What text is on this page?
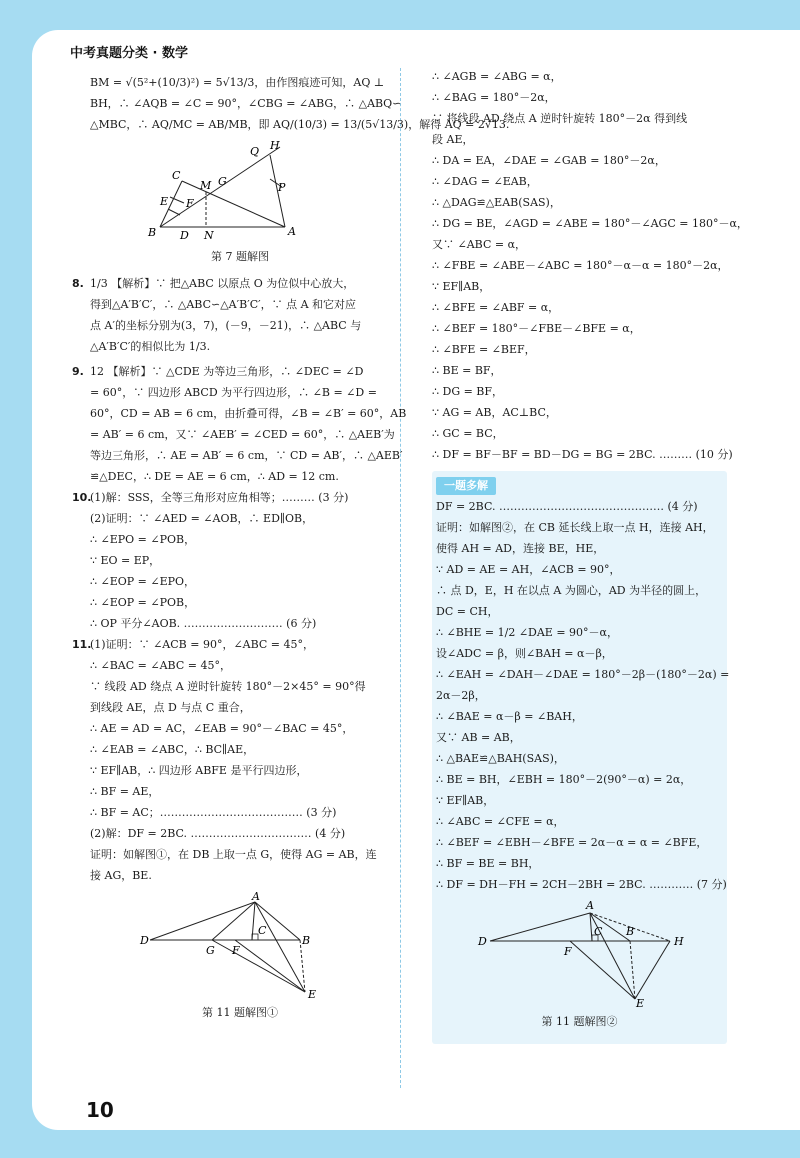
中考真题分类 · 数学
BM = √(5²+(10/3)²) = 5√13/3，由作图痕迹可知，AQ ⊥
BH，∴ ∠AQB = ∠C = 90°，∠CBG = ∠ABG，∴ △ABQ∽
△MBC，∴ AQ/MC = AB/MB，即 AQ/(10/3) = 13/(5√13/3)，解得 AQ = 2√13.
B
C
E F
D N
M G
Q H
P
A
第 7 题解图
8. 1/3 【解析】∵ 把△ABC 以原点 O 为位似中心放大，
得到△A′B′C′，∴ △ABC∽△A′B′C′，∵ 点 A 和它对应
点 A′的坐标分别为(3，7)，(－9，－21)，∴ △ABC 与
△A′B′C′的相似比为 1/3.
9. 12 【解析】∵ △CDE 为等边三角形，∴ ∠DEC = ∠D
= 60°，∵ 四边形 ABCD 为平行四边形，∴ ∠B = ∠D =
60°，CD = AB = 6 cm，由折叠可得，∠B = ∠B′ = 60°，AB
= AB′ = 6 cm，又∵ ∠AEB′ = ∠CED = 60°，∴ △AEB′为
等边三角形，∴ AE = AB′ = 6 cm，∵ CD = AB′，∴ △AEB′
≌△DEC，∴ DE = AE = 6 cm，∴ AD = 12 cm.
10.(1)解：SSS，全等三角形对应角相等；……… (3 分)
(2)证明：∵ ∠AED = ∠AOB，∴ ED∥OB，
∴ ∠EPO = ∠POB，
∵ EO = EP，
∴ ∠EOP = ∠EPO，
∴ ∠EOP = ∠POB，
∴ OP 平分∠AOB. ……………………… (6 分)
11.(1)证明：∵ ∠ACB = 90°，∠ABC = 45°，
∴ ∠BAC = ∠ABC = 45°，
∵ 线段 AD 绕点 A 逆时针旋转 180°－2×45° = 90°得
到线段 AE，点 D 与点 C 重合，
∴ AE = AD = AC，∠EAB = 90°－∠BAC = 45°，
∴ ∠EAB = ∠ABC，∴ BC∥AE，
∵ EF∥AB，∴ 四边形 ABFE 是平行四边形，
∴ BF = AE，
∴ BF = AC；………………………………… (3 分)
(2)解：DF = 2BC. …………………………… (4 分)
证明：如解图①，在 DB 上取一点 G，使得 AG = AB，连
接 AG，BE.
A
D
G F
C
B
E
第 11 题解图①
∴ ∠AGB = ∠ABG = α，
∴ ∠BAG = 180°－2α，
∵ 将线段 AD 绕点 A 逆时针旋转 180°－2α 得到线
段 AE，
∴ DA = EA，∠DAE = ∠GAB = 180°－2α，
∴ ∠DAG = ∠EAB，
∴ △DAG≌△EAB(SAS)，
∴ DG = BE，∠AGD = ∠ABE = 180°－∠AGC = 180°－α，
又∵ ∠ABC = α，
∴ ∠FBE = ∠ABE－∠ABC = 180°－α－α = 180°－2α，
∵ EF∥AB，
∴ ∠BFE = ∠ABF = α，
∴ ∠BEF = 180°－∠FBE－∠BFE = α，
∴ ∠BFE = ∠BEF，
∴ BE = BF，
∴ DG = BF，
∵ AG = AB，AC⊥BC，
∴ GC = BC，
∴ DF = BF－BF = BD－DG = BG = 2BC. ……… (10 分)
一题多解
DF = 2BC. ……………………………………… (4 分)
证明：如解图②，在 CB 延长线上取一点 H，连接 AH，
使得 AH = AD，连接 BE，HE，
∵ AD = AE = AH，∠ACB = 90°，
∴ 点 D，E，H 在以点 A 为圆心，AD 为半径的圆上，
DC = CH，
∴ ∠BHE = 1/2 ∠DAE = 90°－α，
设∠ADC = β，则∠BAH = α－β，
∴ ∠EAH = ∠DAH－∠DAE = 180°－2β－(180°－2α) =
2α－2β，
∴ ∠BAE = α－β = ∠BAH，
又∵ AB = AB，
∴ △BAE≌△BAH(SAS)，
∴ BE = BH，∠EBH = 180°－2(90°－α) = 2α，
∵ EF∥AB，
∴ ∠ABC = ∠CFE = α，
∴ ∠BEF = ∠EBH－∠BFE = 2α－α = α = ∠BFE，
∴ BF = BE = BH，
∴ DF = DH－FH = 2CH－2BH = 2BC. ………… (7 分)
A
D
C B
H
F
E
第 11 题解图②
10
